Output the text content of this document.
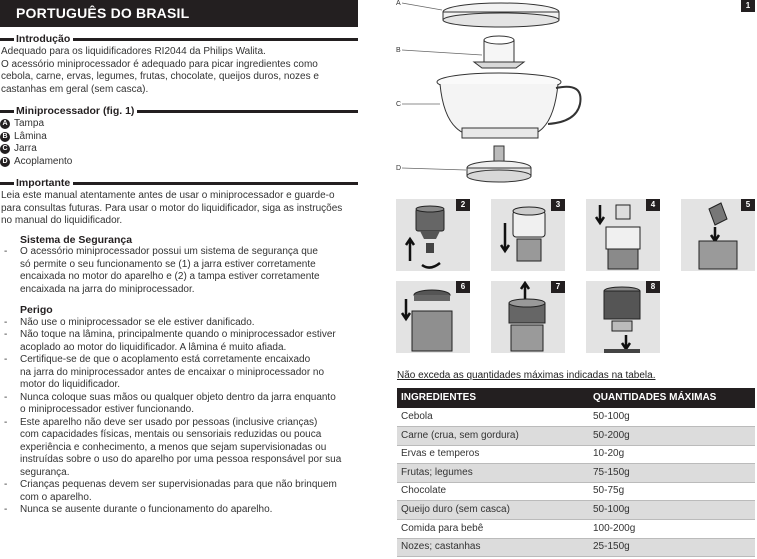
PORTUGUÊS DO BRASIL
Introdução
Adequado para os liquidificadores RI2044 da Philips Walita.
O acessório miniprocessador é adequado para picar ingredientes como
cebola, carne, ervas, legumes, frutas, chocolate, queijos duros, nozes e
castanhas em geral (sem casca).
Miniprocessador (fig. 1)
A Tampa
B Lâmina
C Jarra
D Acoplamento
Importante
Leia este manual atentamente antes de usar o miniprocessador e guarde-o
para consultas futuras. Para usar o motor do liquidificador, siga as instruções
no manual do liquidificador.
Sistema de Segurança
-	O acessório miniprocessador possui um sistema de segurança que
só permite o seu funcionamento se (1) a jarra estiver corretamente
encaixada no motor do aparelho e (2) a tampa estiver corretamente
encaixada na jarra do miniprocessador.
Perigo
-	Não use o miniprocessador se ele estiver danificado.
-	Não toque na lâmina, principalmente quando o miniprocessador estiver
acoplado ao motor do liquidificador. A lâmina é muito afiada.
-	Certifique-se de que o acoplamento está corretamente encaixado
na jarra do miniprocessador antes de encaixar o miniprocessador no
motor do liquidificador.
-	Nunca coloque suas mãos ou qualquer objeto dentro da jarra enquanto
o miniprocessador estiver funcionando.
-	Este aparelho não deve ser usado por pessoas (inclusive crianças)
com capacidades físicas, mentais ou sensoriais reduzidas ou pouca
experiência e conhecimento, a menos que sejam supervisionadas ou
instruídas sobre o uso do aparelho por uma pessoa responsável por sua
segurança.
-	Crianças pequenas devem ser supervisionadas para que não brinquem
com o aparelho.
-	Nunca se ausente durante o funcionamento do aparelho.
A
B
C
D
1
2	3	4	5
6	7	8
Não exceda as quantidades máximas indicadas na tabela.
INGREDIENTES	QUANTIDADES MÁXIMAS
Cebola	50-100g
Carne (crua, sem gordura)	50-200g
Ervas e temperos	10-20g
Frutas; legumes	75-150g
Chocolate	50-75g
Queijo duro (sem casca)	50-100g
Comida para bebê	100-200g
Nozes; castanhas	25-150g
